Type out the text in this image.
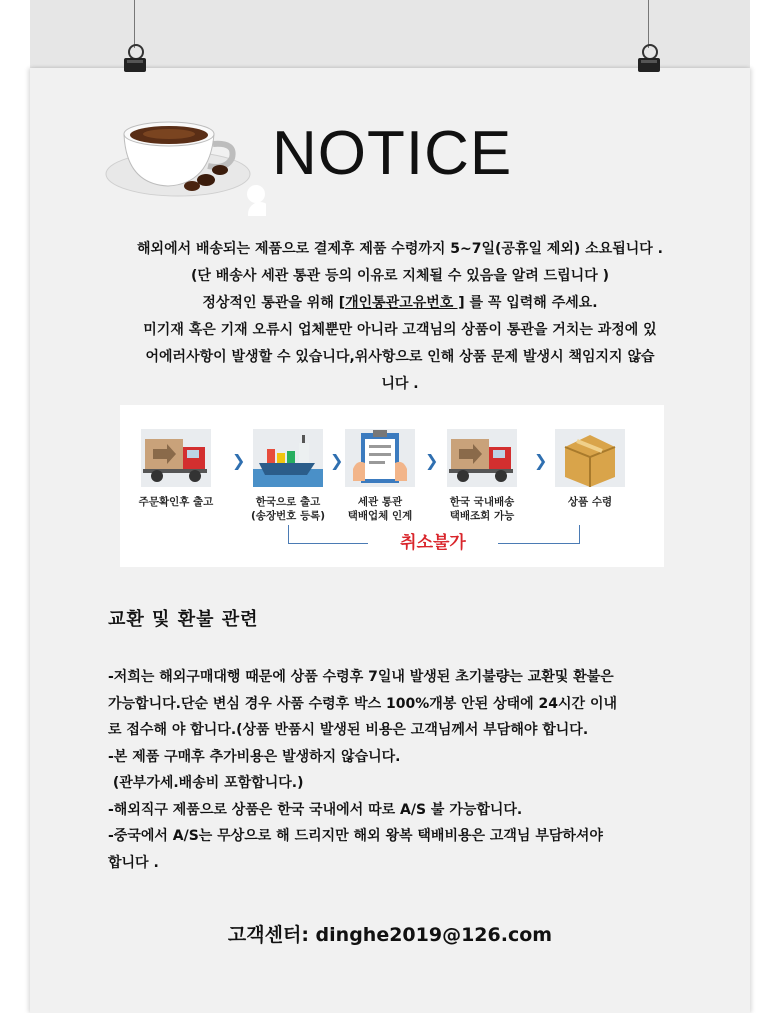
NOTICE

해외에서 배송되는 제품으로 결제후 제품 수령까지 5~7일(공휴일 제외) 소요됩니다 .

(단 배송사 세관 통관 등의 이유로 지체될 수 있음을 알려 드립니다 )

정상적인 통관을 위해 [개인통관고유번호 ] 를 꼭 입력해 주세요.

미기재 혹은 기재 오류시 업체뿐만 아니라 고객님의 상품이 통관을 거치는 과정에 있

어에러사항이 발생할 수 있습니다,위사항으로 인해 상품 문제 발생시 책임지지 않습

니다 .

주문확인후 출고
❯
한국으로 출고
(송장번호 등록)
❯
세관 통관
택배업체 인계
❯
한국 국내배송
택배조회 가능
❯
상품 수령
취소불가
교환 및 환불 관련

-저희는 해외구매대행 때문에 상품 수령후 7일내 발생된 초기불량는 교환및 환불은

가능합니다.단순 변심 경우 사품 수령후 박스 100%개봉 안된 상태에 24시간 이내

로 접수해 야 합니다.(상품 반품시 발생된 비용은 고객님께서 부담해야 합니다.

-본 제품 구매후 추가비용은 발생하지 않습니다.

(관부가세.배송비 포함합니다.)

-해외직구 제품으로 상품은 한국 국내에서 따로 A/S 불 가능합니다.

-중국에서 A/S는 무상으로 해 드리지만 해외 왕복 택배비용은 고객님 부담하셔야

합니다 .

고객센터: dinghe2019@126.com
